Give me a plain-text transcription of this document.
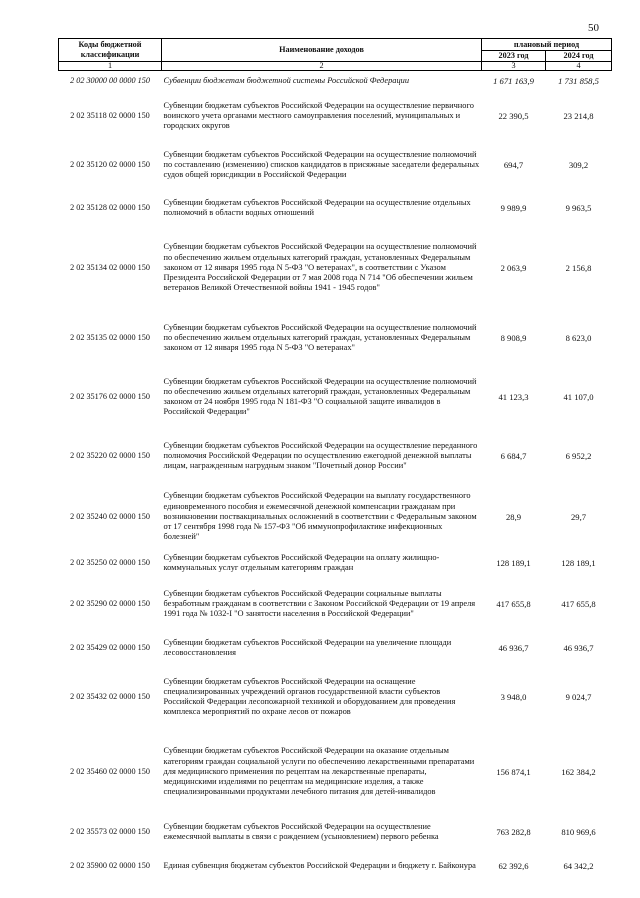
50
Коды бюджетной классификации	Наименование доходов	плановый период	
		2023 год	2024 год
1	2	3	4
2 02 30000 00 0000 150	Субвенции бюджетам бюджетной системы Российской Федерации	1 671 163,9	1 731 858,5
2 02 35118 02 0000 150	Субвенции бюджетам субъектов Российской Федерации на осуществление первичного воинского учета органами местного самоуправления поселений, муниципальных и городских округов	22 390,5	23 214,8
2 02 35120 02 0000 150	Субвенции бюджетам субъектов Российской Федерации на осуществление полномочий по составлению (изменению) списков кандидатов в присяжные заседатели федеральных судов общей юрисдикции в Российской Федерации	694,7	309,2
2 02 35128 02 0000 150	Субвенции бюджетам субъектов Российской Федерации на осуществление отдельных полномочий в области водных отношений	9 989,9	9 963,5
2 02 35134 02 0000 150	Субвенции бюджетам субъектов Российской Федерации на осуществление полномочий по обеспечению жильем отдельных категорий граждан, установленных Федеральным законом от 12 января 1995 года N 5-ФЗ "О ветеранах", в соответствии с Указом Президента Российской Федерации от 7 мая 2008 года N 714 "Об обеспечении жильем ветеранов Великой Отечественной войны 1941 - 1945 годов"	2 063,9	2 156,8
2 02 35135 02 0000 150	Субвенции бюджетам субъектов Российской Федерации на осуществление полномочий по обеспечению жильем отдельных категорий граждан, установленных Федеральным законом от 12 января 1995 года N 5-ФЗ "О ветеранах"	8 908,9	8 623,0
2 02 35176 02 0000 150	Субвенции бюджетам субъектов Российской Федерации на осуществление полномочий по обеспечению жильем отдельных категорий граждан, установленных Федеральным законом от 24 ноября 1995 года N 181-ФЗ "О социальной защите инвалидов в Российской Федерации"	41 123,3	41 107,0
2 02 35220 02 0000 150	Субвенции бюджетам субъектов Российской Федерации на осуществление переданного полномочия Российской Федерации по осуществлению ежегодной денежной выплаты лицам, награжденным нагрудным знаком "Почетный донор России"	6 684,7	6 952,2
2 02 35240 02 0000 150	Субвенции бюджетам субъектов Российской Федерации на выплату государственного единовременного пособия и ежемесячной денежной компенсации гражданам при возникновении поствакцинальных осложнений в соответствии с Федеральным законом от 17 сентября 1998 года № 157-ФЗ "Об иммунопрофилактике инфекционных болезней"	28,9	29,7
2 02 35250 02 0000 150	Субвенции бюджетам субъектов Российской Федерации на оплату жилищно-коммунальных услуг отдельным категориям граждан	128 189,1	128 189,1
2 02 35290 02 0000 150	Субвенции бюджетам субъектов Российской Федерации социальные выплаты безработным гражданам в соответствии с Законом Российской Федерации от 19 апреля 1991 года № 1032-I "О занятости населения в Российской Федерации"	417 655,8	417 655,8
2 02 35429 02 0000 150	Субвенции бюджетам субъектов Российской Федерации на увеличение площади лесовосстановления	46 936,7	46 936,7
2 02 35432 02 0000 150	Субвенции бюджетам субъектов Российской Федерации на оснащение специализированных учреждений органов государственной власти субъектов Российской Федерации лесопожарной техникой и оборудованием для проведения комплекса мероприятий по охране лесов от пожаров	3 948,0	9 024,7
2 02 35460 02 0000 150	Субвенции бюджетам субъектов Российской Федерации на оказание отдельным категориям граждан социальной услуги по обеспечению лекарственными препаратами для медицинского применения по рецептам на лекарственные препараты, медицинскими изделиями по рецептам на медицинские изделия, а также специализированными продуктами лечебного питания для детей-инвалидов	156 874,1	162 384,2
2 02 35573 02 0000 150	Субвенции бюджетам субъектов Российской Федерации на осуществление ежемесячной выплаты в связи с рождением (усыновлением) первого ребенка	763 282,8	810 969,6
2 02 35900 02 0000 150	Единая субвенция бюджетам субъектов Российской Федерации и бюджету г. Байконура	62 392,6	64 342,2
